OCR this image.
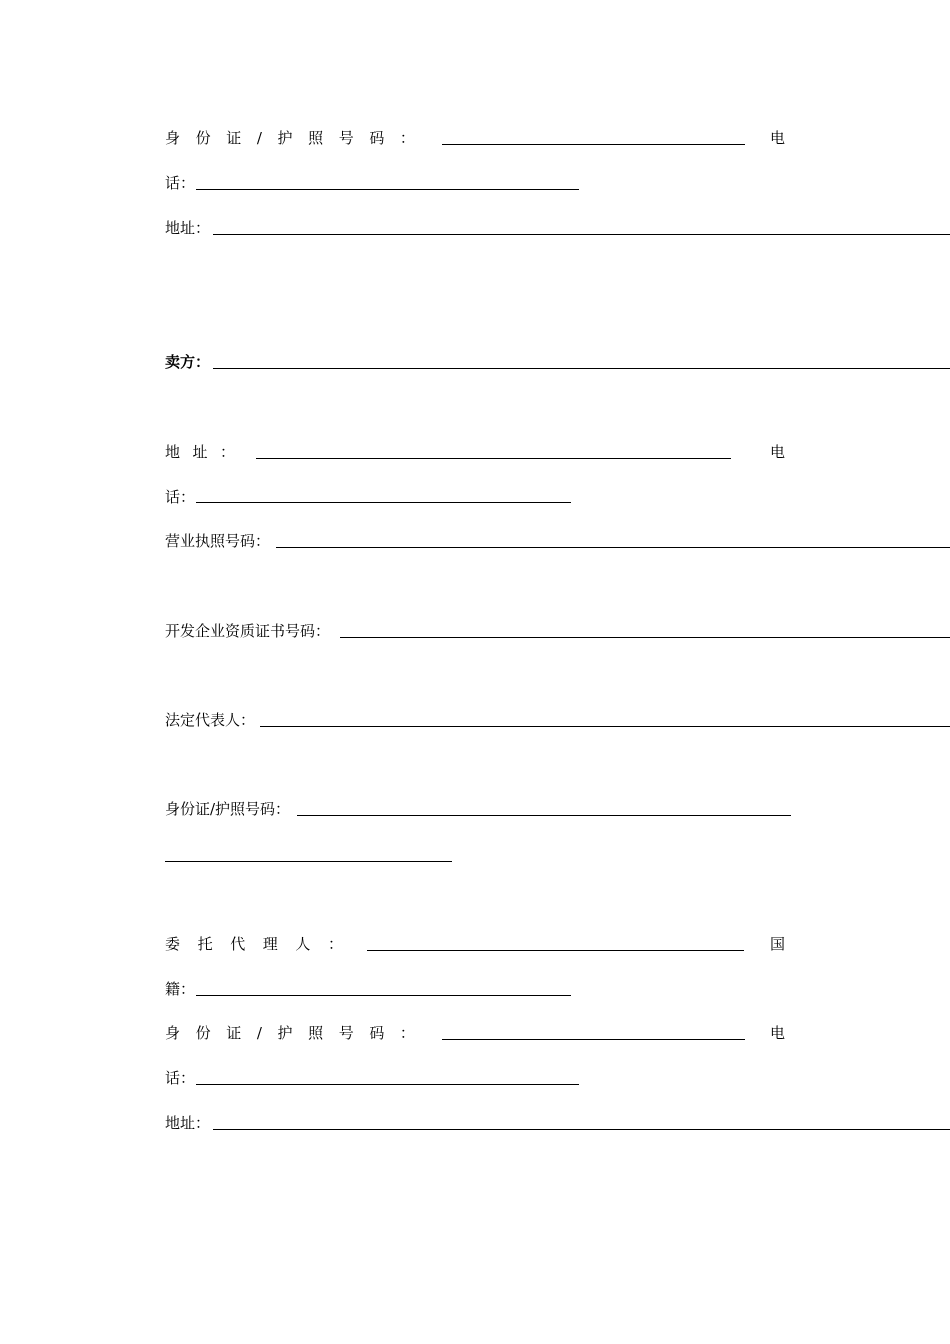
身 份 证 / 护 照 号 码 ：	电
话：
地址：
卖方：
地 址 ：	电
话：
营业执照号码：
开发企业资质证书号码：
法定代表人：
身份证/护照号码：
委 托 代 理 人 ：	国
籍：
身 份 证 / 护 照 号 码 ：	电
话：
地址：
